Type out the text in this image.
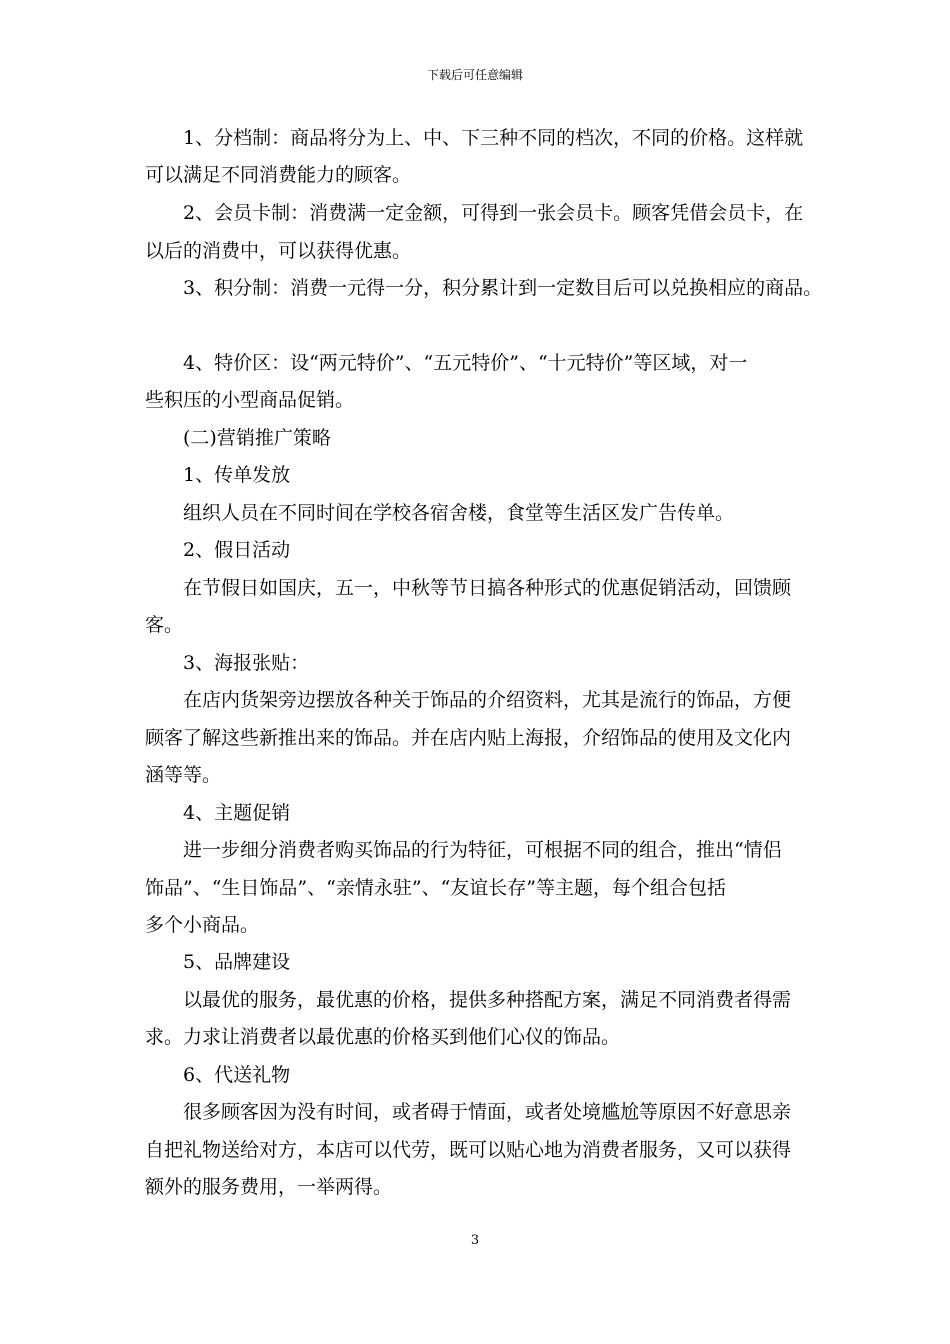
下载后可任意编辑
1、分档制：商品将分为上、中、下三种不同的档次，不同的价格。这样就
可以满足不同消费能力的顾客。
2、会员卡制：消费满一定金额，可得到一张会员卡。顾客凭借会员卡，在
以后的消费中，可以获得优惠。
3、积分制：消费一元得一分，积分累计到一定数目后可以兑换相应的商品。
4、特价区：设“两元特价”、“五元特价”、“十元特价”等区域，对一
些积压的小型商品促销。
(二)营销推广策略
1、传单发放
组织人员在不同时间在学校各宿舍楼，食堂等生活区发广告传单。
2、假日活动
在节假日如国庆，五一，中秋等节日搞各种形式的优惠促销活动，回馈顾
客。
3、海报张贴：
在店内货架旁边摆放各种关于饰品的介绍资料，尤其是流行的饰品，方便
顾客了解这些新推出来的饰品。并在店内贴上海报，介绍饰品的使用及文化内
涵等等。
4、主题促销
进一步细分消费者购买饰品的行为特征，可根据不同的组合，推出“情侣
饰品”、“生日饰品”、“亲情永驻”、“友谊长存”等主题，每个组合包括
多个小商品。
5、品牌建设
以最优的服务，最优惠的价格，提供多种搭配方案，满足不同消费者得需
求。力求让消费者以最优惠的价格买到他们心仪的饰品。
6、代送礼物
很多顾客因为没有时间，或者碍于情面，或者处境尴尬等原因不好意思亲
自把礼物送给对方，本店可以代劳，既可以贴心地为消费者服务，又可以获得
额外的服务费用，一举两得。
3
